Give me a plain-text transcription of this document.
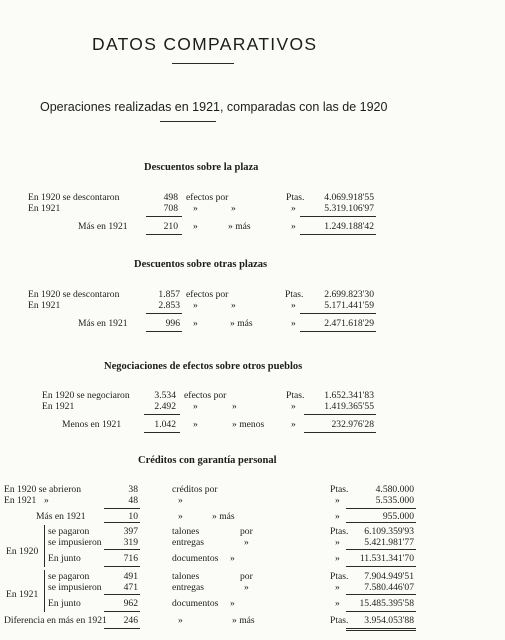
DATOS COMPARATIVOS
Operaciones realizadas en 1921, comparadas con las de 1920
Descuentos sobre la plaza
En 1920 se descontaron	498 efectos por	Ptas.	4.069.918'55
En 1921	708 »	»	»	5.319.106'97
Más en 1921	210 »	» más	»	1.249.188'42
Descuentos sobre otras plazas
En 1920 se descontaron	1.857 efectos por	Ptas.	2.699.823'30
En 1921	2.853 »	»	»	5.171.441'59
Más en 1921	996 »	» más	»	2.471.618'29
Negociaciones de efectos sobre otros pueblos
En 1920 se negociaron	3.534 efectos por	Ptas.	1.652.341'83
En 1921	2.492 »	»	»	1.419.365'55
Menos en 1921	1.042 »	» menos	»	232.976'28
Créditos con garantía personal
En 1920 se abrieron	38	créditos por	Ptas.	4.580.000
En 1921 »	48	»	»	5.535.000
Más en 1921	10	»	» más	»	955.000
En 1920
se pagaron	397	talones	por	Ptas.	6.109.359'93
se impusieron	319	entregas	»	»	5.421.981'77
En junto	716	documentos »	»	11.531.341'70
En 1921
se pagaron	491	talones	por	Ptas.	7.904.949'51
se impusieron	471	entregas	»	»	7.580.446'07
En junto	962	documentos »	»	15.485.395'58
Diferencia en más en 1921	246	»	» más	Ptas.	3.954.053'88
